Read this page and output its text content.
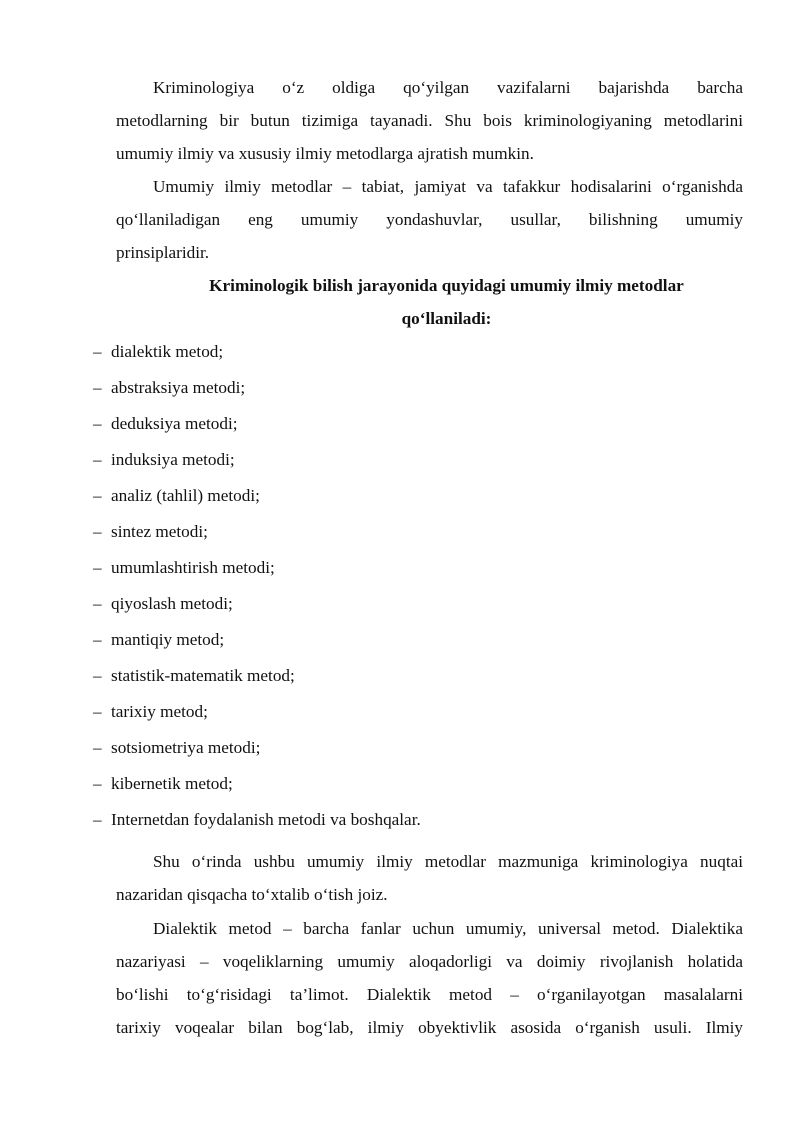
Kriminologiya o‘z oldiga qo‘yilgan vazifalarni bajarishda barcha
metodlarning bir butun tizimiga tayanadi. Shu bois kriminologiyaning metodlarini
umumiy ilmiy va xususiy ilmiy metodlarga ajratish mumkin.
Umumiy ilmiy metodlar – tabiat, jamiyat va tafakkur hodisalarini o‘rganishda
qo‘llaniladigan eng umumiy yondashuvlar, usullar, bilishning umumiy
prinsiplaridir.
Kriminologik bilish jarayonida quyidagi umumiy ilmiy metodlar
qo‘llaniladi:
– dialektik metod;
– abstraksiya metodi;
– deduksiya metodi;
– induksiya metodi;
– analiz (tahlil) metodi;
– sintez metodi;
– umumlashtirish metodi;
– qiyoslash metodi;
– mantiqiy metod;
– statistik-matematik metod;
– tarixiy metod;
– sotsiometriya metodi;
– kibernetik metod;
– Internetdan foydalanish metodi va boshqalar.
Shu o‘rinda ushbu umumiy ilmiy metodlar mazmuniga kriminologiya nuqtai
nazaridan qisqacha to‘xtalib o‘tish joiz.
Dialektik metod – barcha fanlar uchun umumiy, universal metod. Dialektika
nazariyasi – voqeliklarning umumiy aloqadorligi va doimiy rivojlanish holatida
bo‘lishi to‘g‘risidagi ta’limot. Dialektik metod – o‘rganilayotgan masalalarni
tarixiy voqealar bilan bog‘lab, ilmiy obyektivlik asosida o‘rganish usuli. Ilmiy
